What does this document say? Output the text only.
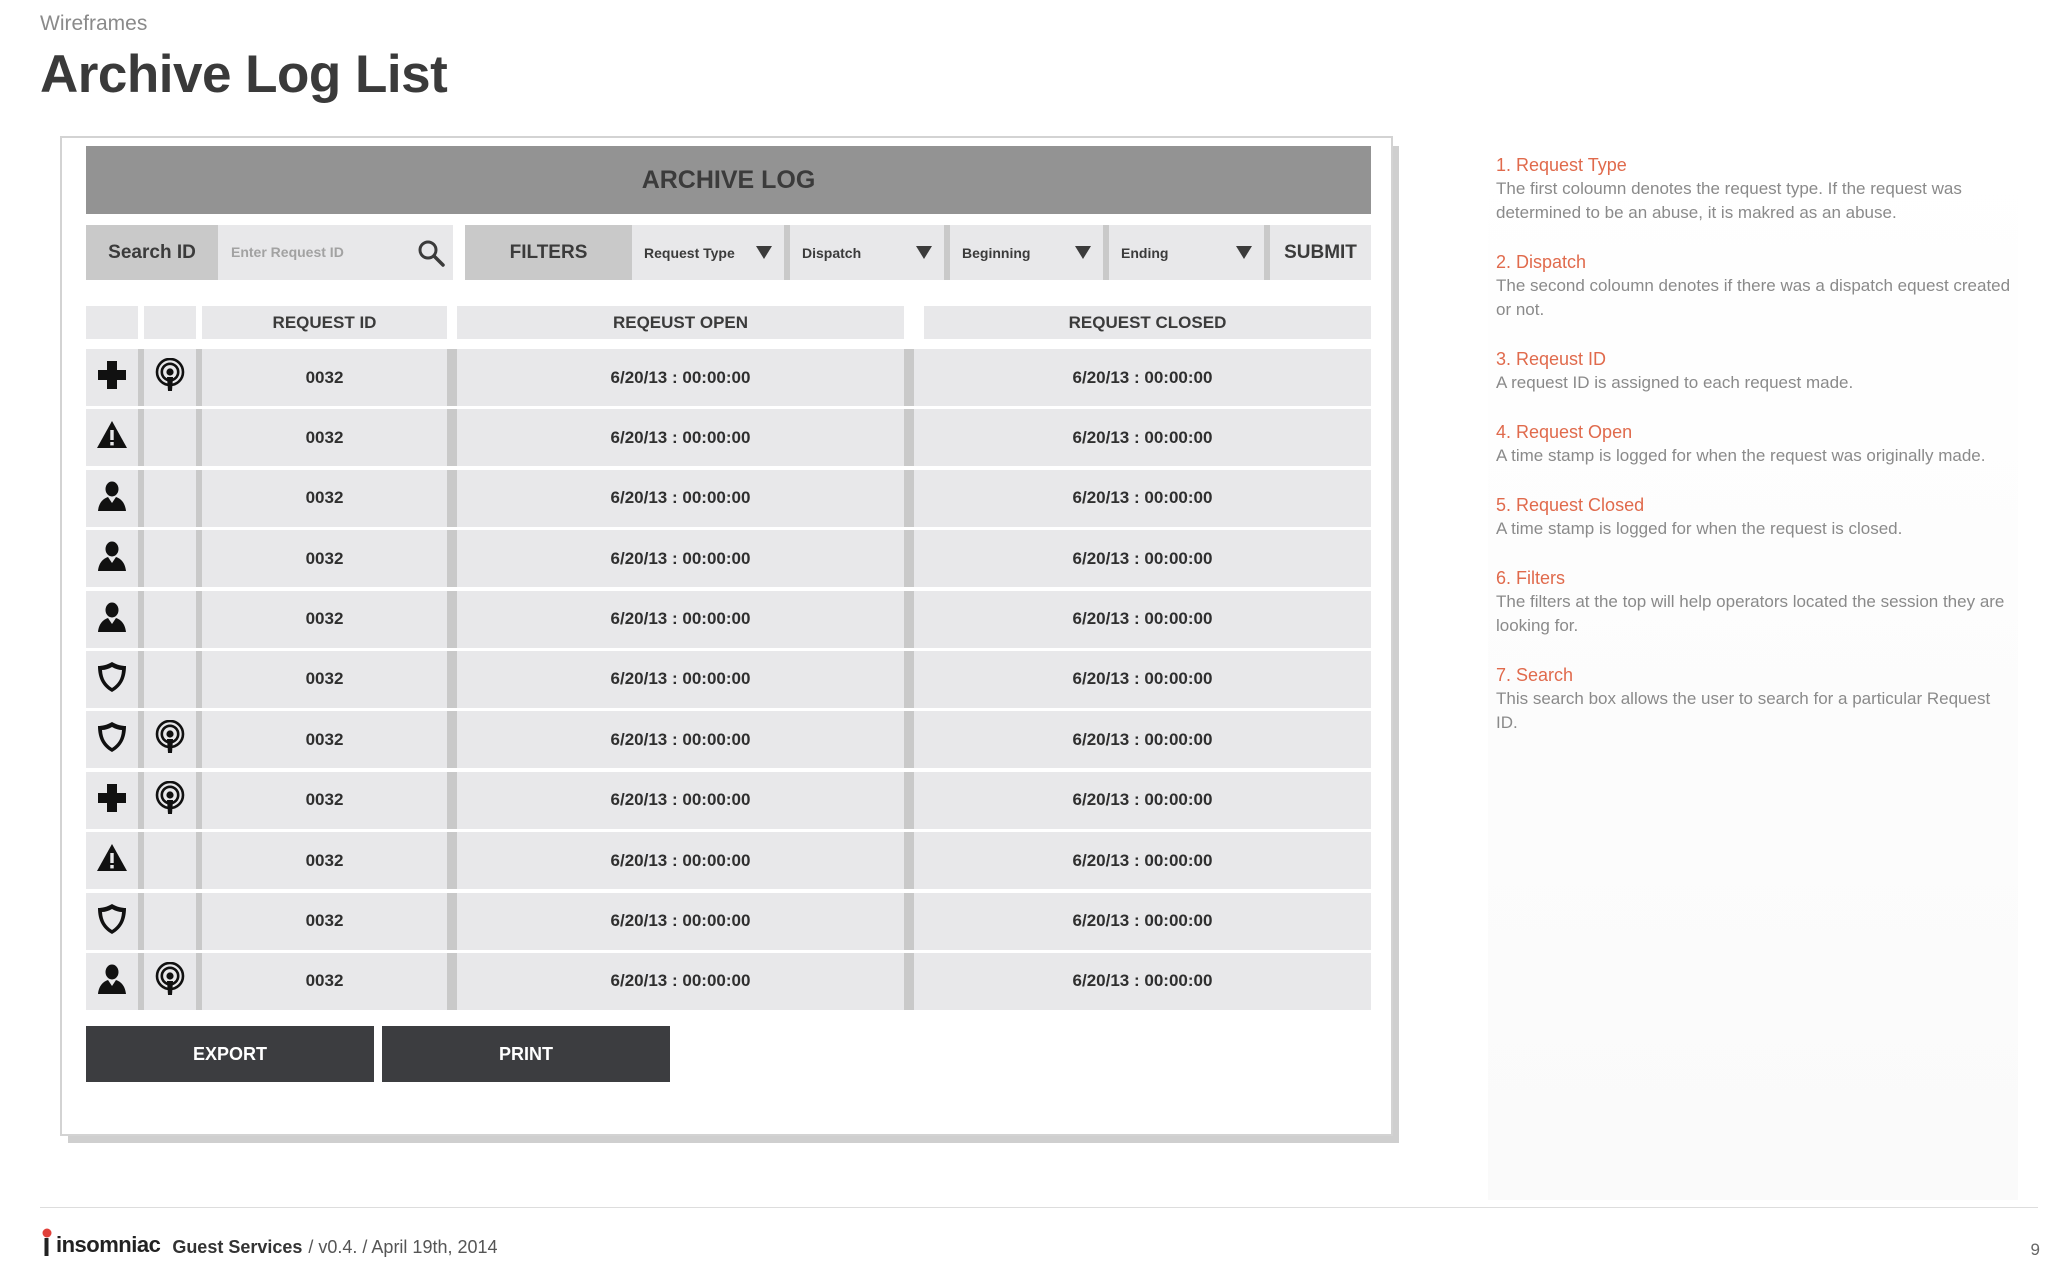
Wireframes
Archive Log List
ARCHIVE LOG
Search ID	Enter Request ID	FILTERS	Request Type	Dispatch	Beginning	Ending	SUBMIT
REQUEST ID	REQEUST OPEN	REQUEST CLOSED
0032	6/20/13 : 00:00:00	6/20/13 : 00:00:00
0032	6/20/13 : 00:00:00	6/20/13 : 00:00:00
0032	6/20/13 : 00:00:00	6/20/13 : 00:00:00
0032	6/20/13 : 00:00:00	6/20/13 : 00:00:00
0032	6/20/13 : 00:00:00	6/20/13 : 00:00:00
0032	6/20/13 : 00:00:00	6/20/13 : 00:00:00
0032	6/20/13 : 00:00:00	6/20/13 : 00:00:00
0032	6/20/13 : 00:00:00	6/20/13 : 00:00:00
0032	6/20/13 : 00:00:00	6/20/13 : 00:00:00
0032	6/20/13 : 00:00:00	6/20/13 : 00:00:00
0032	6/20/13 : 00:00:00	6/20/13 : 00:00:00
EXPORT	PRINT
1. Request Type
The first coloumn denotes the request type. If the request was determined to be an abuse, it is makred as an abuse.
2. Dispatch
The second coloumn denotes if there was a dispatch equest created or not.
3. Reqeust ID
A request ID is assigned to each request made.
4. Request Open
A time stamp is logged for when the request was originally made.
5. Request Closed
A time stamp is logged for when the request is closed.
6. Filters
The filters at the top will help operators located the session they are looking for.
7. Search
This search box allows the user to search for a particular Request ID.
insomniac Guest Services / v0.4. / April 19th, 2014	9
